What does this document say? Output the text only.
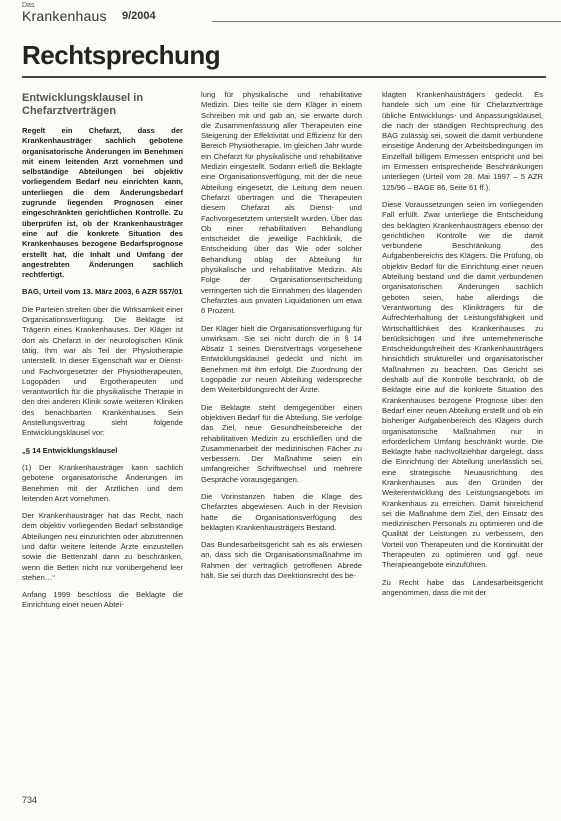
Das
Krankenhaus 9/2004
Rechtsprechung
Entwicklungsklausel in Chefarztverträgen

Regelt ein Chefarzt, dass der Krankenhausträger sachlich gebotene organisatorische Änderungen im Benehmen mit einem leitenden Arzt vornehmen und selbständige Abteilungen bei objektiv vorliegendem Bedarf neu einrichten kann, unterliegen die dem Änderungsbedarf zugrunde liegenden Prognosen einer eingeschränkten gerichtlichen Kontrolle. Zu überprüfen ist, ob der Krankenhausträger eine auf die konkrete Situation des Krankenhauses bezogene Bedarfsprognose erstellt hat, die Inhalt und Umfang der angestrebten Änderungen sachlich rechtfertigt.

BAG, Urteil vom 13. März 2003, 6 AZR 557/01

Die Parteien streiten über die Wirksamkeit einer Organisationsverfügung. Die Beklagte ist Trägerin eines Krankenhauses. Der Kläger ist dort als Chefarzt in der neurologischen Klinik tätig. Ihm war als Teil der Physiotherapie unterstellt. In dieser Eigenschaft war er Dienst- und Fachvorgesetzter der Physiotherapeuten, Logopäden und Ergotherapeuten und verantwortlich für die physikalische Therapie in den drei anderen Klinik sowie weiteren Kliniken des benachbarten Krankenhauses. Sein Anstellungsvertrag sieht folgende Entwicklungsklausel vor:

„§ 14 Entwicklungsklausel

(1) Der Krankenhausträger kann sachlich gebotene organisatorische Änderungen im Benehmen mit der Ärztlichen und dem leitenden Arzt vornehmen.

Der Krankenhausträger hat das Recht, nach dem objektiv vorliegenden Bedarf selbständige Abteilungen neu einzurichten oder abzutrennen und dafür weitere leitende Ärzte einzustellen sowie die Bettenzahl dann zu beschränken, wenn die Betten nicht nur vorübergehend leer stehen…“

Anfang 1999 beschloss die Beklagte die Einrichtung einer neuen Abtei-

lung für physikalische und rehabilitative Medizin. Dies teilte sie dem Kläger in einem Schreiben mit und gab an, sie erwarte durch die Zusammenfassung aller Therapeuten eine Steigerung der Effektivität und Effizienz für den Bereich Physiotherapie. Im gleichen Jahr wurde ein Chefarzt für physikalische und rehabilitative Medizin eingestellt. Sodann erließ die Beklagte eine Organisationsverfügung, mit der die neue Abteilung eingesetzt, die Leitung dem neuen Chefarzt übertragen und die Therapeuten diesem Chefarzt als Dienst- und Fachvorgesetztem unterstellt wurden. Über das Ob einer rehabilitativen Behandlung entscheidet die jeweilige Fachklinik, die Entscheidung über das Wie oder solcher Behandlung oblag der Abteilung für physikalische und rehabilitative Medizin. Als Folge der Organisationsentscheidung verringerten sich die Einnahmen des klagenden Chefarztes aus privaten Liquidationen um etwa 6 Prozent.

Der Kläger hielt die Organisationsverfügung für unwirksam. Sie sei nicht durch die in § 14 Absatz 1 seines Dienstvertrags vorgesehene Entwicklungsklausel gedeckt und nicht im Benehmen mit ihm erfolgt. Die Zuordnung der Logopädie zur neuen Abteilung widerspreche dem Weiterbildungsrecht der Ärzte.

Die Beklagte steht demgegenüber einen objektiven Bedarf für die Abteilung. Sie verfolge das Ziel, neue Gesundheitsbereiche der rehabilitativen Medizin zu erschließen und die Zusammenarbeit der medizinischen Fächer zu verbessern. Der Maßnahme seien ein umfangreicher Schriftwechsel und mehrere Gespräche vorausgegangen.

Die Vorinstanzen haben die Klage des Chefarztes abgewiesen. Auch in der Revision hatte die Organisationsverfügung des beklagten Krankenhausträgers Bestand.

Das Bundesarbeitsgericht sah es als erwiesen an, dass sich die Organisationsmaßnahme im Rahmen der vertraglich getroffenen Abrede hält. Sie sei durch das Direktionsrecht des be-

klagten Krankenhausträgers gedeckt. Es handele sich um eine für Chefarztverträge übliche Entwicklungs- und Anpassungsklausel, die nach der ständigen Rechtsprechung des BAG zulässig sei, soweit die damit verbundene einseitige Änderung der Arbeitsbedingungen im Einzelfall billigem Ermessen entspricht und bei im Ermessen entsprechende Beschränkungen unterliegen (Urteil vom 28. Mai 1997 – 5 AZR 125/96 – BAGE 86, Seite 61 ff.).

Diese Voraussetzungen seien im vorliegenden Fall erfüllt. Zwar unterliege die Entscheidung des beklagten Krankenhausträgers ebenso der gerichtlichen Kontrolle wie die damit verbundene Beschränkung des Aufgabenbereichs des Klägers. Die Prüfung, ob objektiv Bedarf für die Einrichtung einer neuen Abteilung bestand und die damit verbundenen organisatorischen Änderungen sachlich geboten seien, habe allerdings die Verantwortung des Klinikträgers für die Aufrechterhaltung der Leistungsfähigkeit und Wirtschaftlichkeit des Krankenhauses zu berücksichtigen und ihre unternehmerische Entscheidungsfreiheit des Krankenhausträgers hinsichtlich struktureller und organisatorischer Maßnahmen zu beachten. Das Gericht sei deshalb auf die Kontrolle beschränkt, ob die Beklagte eine auf die konkrete Situation des Krankenhauses bezogene Prognose über den Bedarf einer neuen Abteilung erstellt und ob ein bisheriger Aufgabenbereich des Klägers durch organisatorische Maßnahmen nur in erforderlichem Umfang beschränkt wurde. Die Beklagte habe nachvollziehbar dargelegt, dass die Einrichtung der Abteilung unerlässlich sei, eine strategische Neuausrichtung des Krankenhauses aus den Gründen der Weiterentwicklung des Leistungsangebots im Krankenhaus zu erreichen. Damit hinreichend sei die Maßnahme dem Ziel, den Einsatz des medizinischen Personals zu optimieren und die Qualität der Leistungen zu verbessern, den Vorteil von Therapeuten und die Kontinuität der Therapeuten zu optimieren und ggf. neue Therapieangebote einzuführen.

Zu Recht habe das Landesarbeitsgericht angenommen, dass die mit der

734
